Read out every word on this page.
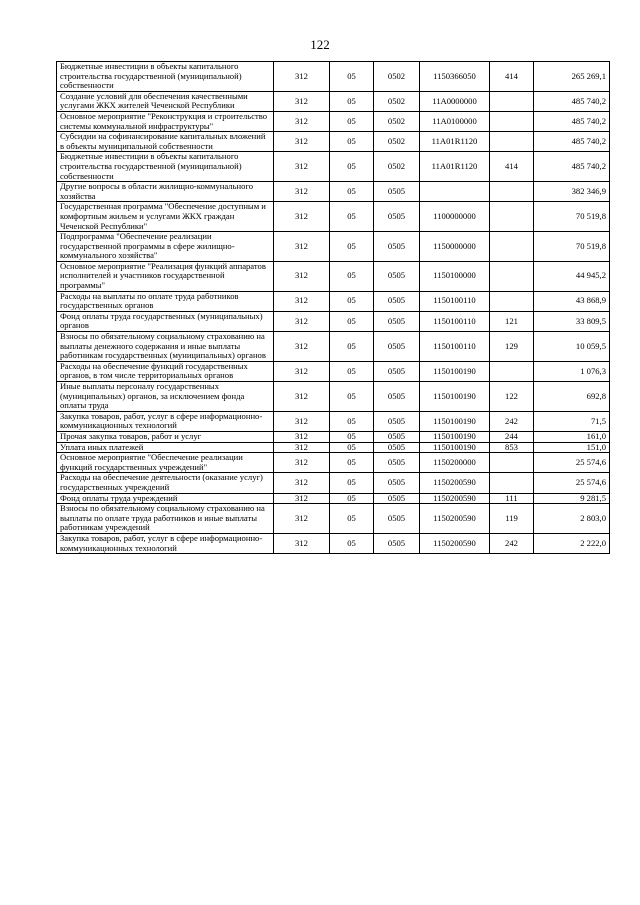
122
Бюджетные инвестиции в объекты капитального строительства государственной (муниципальной) собственности	312	05	0502	1150366050	414	265 269,1
Создание условий для обеспечения качественными услугами ЖКХ жителей Чеченской Республики	312	05	0502	11А0000000		485 740,2
Основное мероприятие "Реконструкция и строительство системы коммунальной инфраструктуры"	312	05	0502	11А0100000		485 740,2
Субсидии на софинансирование капитальных вложений в объекты муниципальной собственности	312	05	0502	11А01R1120		485 740,2
Бюджетные инвестиции в объекты капитального строительства государственной (муниципальной) собственности	312	05	0502	11А01R1120	414	485 740,2
Другие вопросы в области жилищно-коммунального хозяйства	312	05	0505			382 346,9
Государственная программа "Обеспечение доступным и комфортным жильем и услугами ЖКХ граждан Чеченской Республики"	312	05	0505	1100000000		70 519,8
Подпрограмма "Обеспечение реализации государственной программы в сфере жилищно-коммунального хозяйства"	312	05	0505	1150000000		70 519,8
Основное мероприятие "Реализация функций аппаратов исполнителей и участников государственной программы"	312	05	0505	1150100000		44 945,2
Расходы на выплаты по оплате труда работников государственных органов	312	05	0505	1150100110		43 868,9
Фонд оплаты труда государственных (муниципальных) органов	312	05	0505	1150100110	121	33 809,5
Взносы по обязательному социальному страхованию на выплаты денежного содержания и иные выплаты работникам государственных (муниципальных) органов	312	05	0505	1150100110	129	10 059,5
Расходы на обеспечение функций государственных органов, в том числе территориальных органов	312	05	0505	1150100190		1 076,3
Иные выплаты персоналу государственных (муниципальных) органов, за исключением фонда оплаты труда	312	05	0505	1150100190	122	692,8
Закупка товаров, работ, услуг в сфере информационно-коммуникационных технологий	312	05	0505	1150100190	242	71,5
Прочая закупка товаров, работ и услуг	312	05	0505	1150100190	244	161,0
Уплата иных платежей	312	05	0505	1150100190	853	151,0
Основное мероприятие "Обеспечение реализации функций государственных учреждений"	312	05	0505	1150200000		25 574,6
Расходы на обеспечение деятельности (оказание услуг) государственных учреждений	312	05	0505	1150200590		25 574,6
Фонд оплаты труда учреждений	312	05	0505	1150200590	111	9 281,5
Взносы по обязательному социальному страхованию на выплаты по оплате труда работников и иные выплаты работникам учреждений	312	05	0505	1150200590	119	2 803,0
Закупка товаров, работ, услуг в сфере информационно-коммуникационных технологий	312	05	0505	1150200590	242	2 222,0
